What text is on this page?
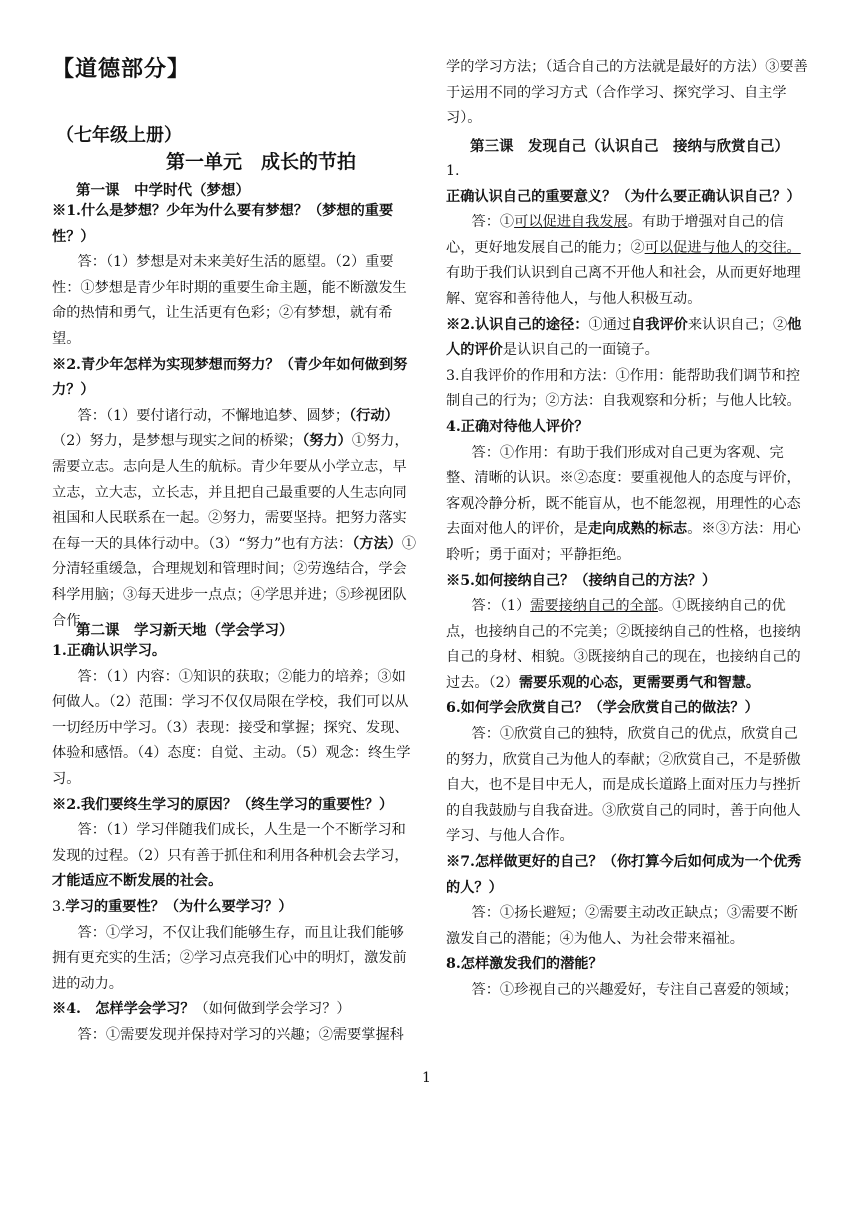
【道德部分】
（七年级上册）
第一单元　成长的节拍
第一课　中学时代（梦想）
※1.什么是梦想？少年为什么要有梦想？（梦想的重要性？）
答：（1）梦想是对未来美好生活的愿望。（2）重要性：①梦想是青少年时期的重要生命主题，能不断激发生命的热情和勇气，让生活更有色彩；②有梦想，就有希望。
※2.青少年怎样为实现梦想而努力？（青少年如何做到努力？）
答：（1）要付诸行动，不懈地追梦、圆梦；（行动）（2）努力，是梦想与现实之间的桥梁；（努力）①努力，需要立志。志向是人生的航标。青少年要从小学立志，早立志，立大志，立长志，并且把自己最重要的人生志向同祖国和人民联系在一起。②努力，需要坚持。把努力落实在每一天的具体行动中。（3）“努力”也有方法：（方法）①分清轻重缓急，合理规划和管理时间；②劳逸结合，学会科学用脑；③每天进步一点点；④学思并进；⑤珍视团队合作。
第二课　学习新天地（学会学习）
1.正确认识学习。
答：（1）内容：①知识的获取；②能力的培养；③如何做人。（2）范围：学习不仅仅局限在学校，我们可以从一切经历中学习。（3）表现：接受和掌握；探究、发现、体验和感悟。（4）态度：自觉、主动。（5）观念：终生学习。
※2.我们要终生学习的原因？（终生学习的重要性？）
答：（1）学习伴随我们成长，人生是一个不断学习和发现的过程。（2）只有善于抓住和利用各种机会去学习，才能适应不断发展的社会。
3.学习的重要性？（为什么要学习？）
答：①学习，不仅让我们能够生存，而且让我们能够拥有更充实的生活；②学习点亮我们心中的明灯，激发前进的动力。
※4.　怎样学会学习？（如何做到学会学习？）
答：①需要发现并保持对学习的兴趣；②需要掌握科
学的学习方法；（适合自己的方法就是最好的方法）③要善于运用不同的学习方式（合作学习、探究学习、自主学习）。
第三课　发现自己（认识自己　接纳与欣赏自己）
1.正确认识自己的重要意义？（为什么要正确认识自己？）
答：①可以促进自我发展。有助于增强对自己的信心，更好地发展自己的能力；②可以促进与他人的交往。有助于我们认识到自己离不开他人和社会，从而更好地理解、宽容和善待他人，与他人积极互动。
※2.认识自己的途径：①通过自我评价来认识自己；②他人的评价是认识自己的一面镜子。
3.自我评价的作用和方法：①作用：能帮助我们调节和控制自己的行为；②方法：自我观察和分析；与他人比较。
4.正确对待他人评价？
答：①作用：有助于我们形成对自己更为客观、完整、清晰的认识。※②态度：要重视他人的态度与评价，客观冷静分析，既不能盲从，也不能忽视，用理性的心态去面对他人的评价，是走向成熟的标志。※③方法：用心聆听；勇于面对；平静拒绝。
※5.如何接纳自己？（接纳自己的方法？）
答：（1）需要接纳自己的全部。①既接纳自己的优点，也接纳自己的不完美；②既接纳自己的性格，也接纳自己的身材、相貌。③既接纳自己的现在，也接纳自己的过去。（2）需要乐观的心态，更需要勇气和智慧。
6.如何学会欣赏自己？（学会欣赏自己的做法？）
答：①欣赏自己的独特，欣赏自己的优点，欣赏自己的努力，欣赏自己为他人的奉献；②欣赏自己，不是骄傲自大，也不是目中无人，而是成长道路上面对压力与挫折的自我鼓励与自我奋进。③欣赏自己的同时，善于向他人学习、与他人合作。
※7.怎样做更好的自己？（你打算今后如何成为一个优秀的人？）
答：①扬长避短；②需要主动改正缺点；③需要不断激发自己的潜能；④为他人、为社会带来福祉。
8.怎样激发我们的潜能？
答：①珍视自己的兴趣爱好，专注自己喜爱的领域；
1
